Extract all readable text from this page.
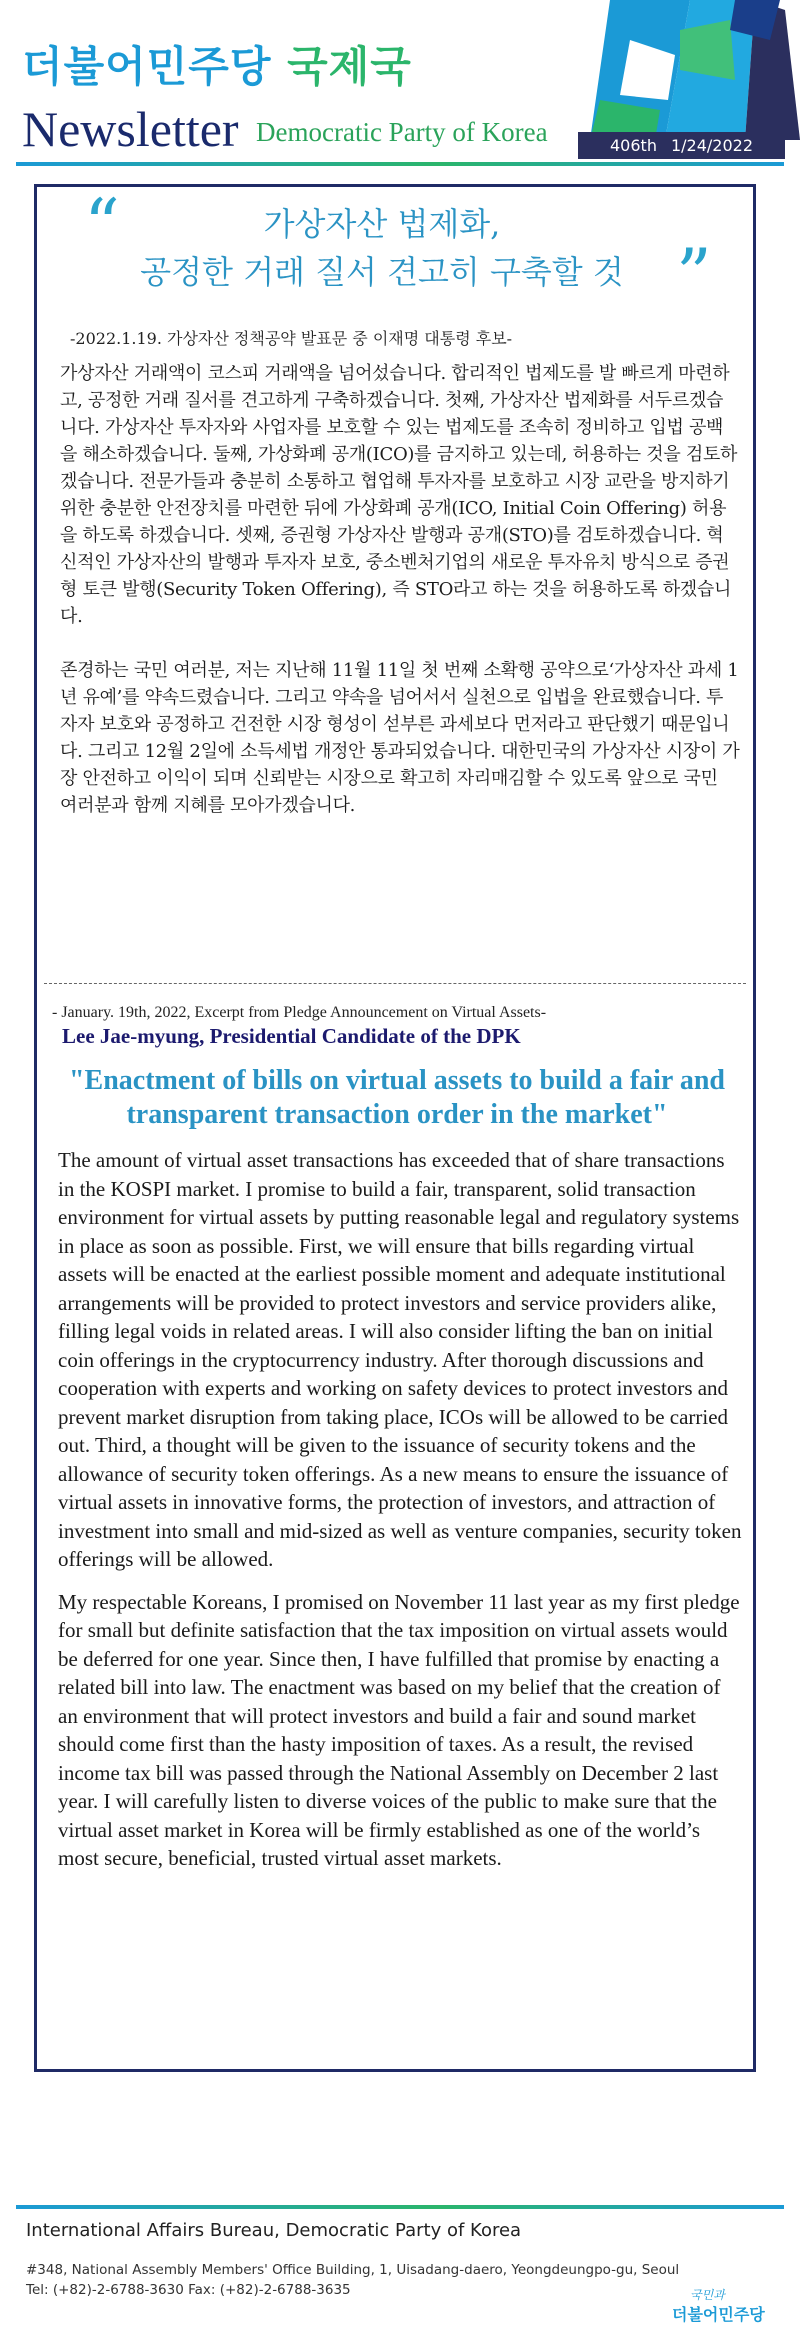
더불어민주당 국제국
Newsletter Democratic Party of Korea	406th 1/24/2022
“	가상자산 법제화,
공정한 거래 질서 견고히 구축할 것 ”
-2022.1.19. 가상자산 정책공약 발표문 중 이재명 대통령 후보-

가상자산 거래액이 코스피 거래액을 넘어섰습니다. 합리적인 법제도를 발 빠르게 마련하고, 공정한 거래 질서를 견고하게 구축하겠습니다. 첫째, 가상자산 법제화를 서두르겠습니다. 가상자산 투자자와 사업자를 보호할 수 있는 법제도를 조속히 정비하고 입법 공백을 해소하겠습니다. 둘째, 가상화폐 공개(ICO)를 금지하고 있는데, 허용하는 것을 검토하겠습니다. 전문가들과 충분히 소통하고 협업해 투자자를 보호하고 시장 교란을 방지하기 위한 충분한 안전장치를 마련한 뒤에 가상화폐 공개(ICO, Initial Coin Offering) 허용을 하도록 하겠습니다. 셋째, 증권형 가상자산 발행과 공개(STO)를 검토하겠습니다. 혁신적인 가상자산의 발행과 투자자 보호, 중소벤처기업의 새로운 투자유치 방식으로 증권형 토큰 발행(Security Token Offering), 즉 STO라고 하는 것을 허용하도록 하겠습니다.

존경하는 국민 여러분, 저는 지난해 11월 11일 첫 번째 소확행 공약으로‘가상자산 과세 1년 유예’를 약속드렸습니다. 그리고 약속을 넘어서서 실천으로 입법을 완료했습니다. 투자자 보호와 공정하고 건전한 시장 형성이 섣부른 과세보다 먼저라고 판단했기 때문입니다. 그리고 12월 2일에 소득세법 개정안 통과되었습니다. 대한민국의 가상자산 시장이 가장 안전하고 이익이 되며 신뢰받는 시장으로 확고히 자리매김할 수 있도록 앞으로 국민 여러분과 함께 지혜를 모아가겠습니다.

- January. 19th, 2022, Excerpt from Pledge Announcement on Virtual Assets-
Lee Jae-myung, Presidential Candidate of the DPK
"Enactment of bills on virtual assets to build a fair and transparent transaction order in the market"

The amount of virtual asset transactions has exceeded that of share transactions in the KOSPI market. I promise to build a fair, transparent, solid transaction environment for virtual assets by putting reasonable legal and regulatory systems in place as soon as possible. First, we will ensure that bills regarding virtual assets will be enacted at the earliest possible moment and adequate institutional arrangements will be provided to protect investors and service providers alike, filling legal voids in related areas. I will also consider lifting the ban on initial coin offerings in the cryptocurrency industry. After thorough discussions and cooperation with experts and working on safety devices to protect investors and prevent market disruption from taking place, ICOs will be allowed to be carried out. Third, a thought will be given to the issuance of security tokens and the allowance of security token offerings. As a new means to ensure the issuance of virtual assets in innovative forms, the protection of investors, and attraction of investment into small and mid-sized as well as venture companies, security token offerings will be allowed.

My respectable Koreans, I promised on November 11 last year as my first pledge for small but definite satisfaction that the tax imposition on virtual assets would be deferred for one year. Since then, I have fulfilled that promise by enacting a related bill into law. The enactment was based on my belief that the creation of an environment that will protect investors and build a fair and sound market should come first than the hasty imposition of taxes. As a result, the revised income tax bill was passed through the National Assembly on December 2 last year. I will carefully listen to diverse voices of the public to make sure that the virtual asset market in Korea will be firmly established as one of the world’s most secure, beneficial, trusted virtual asset markets.

International Affairs Bureau, Democratic Party of Korea
#348, National Assembly Members' Office Building, 1, Uisadang-daero, Yeongdeungpo-gu, Seoul
Tel: (+82)-2-6788-3630 Fax: (+82)-2-6788-3635	국민과
더불어민주당
